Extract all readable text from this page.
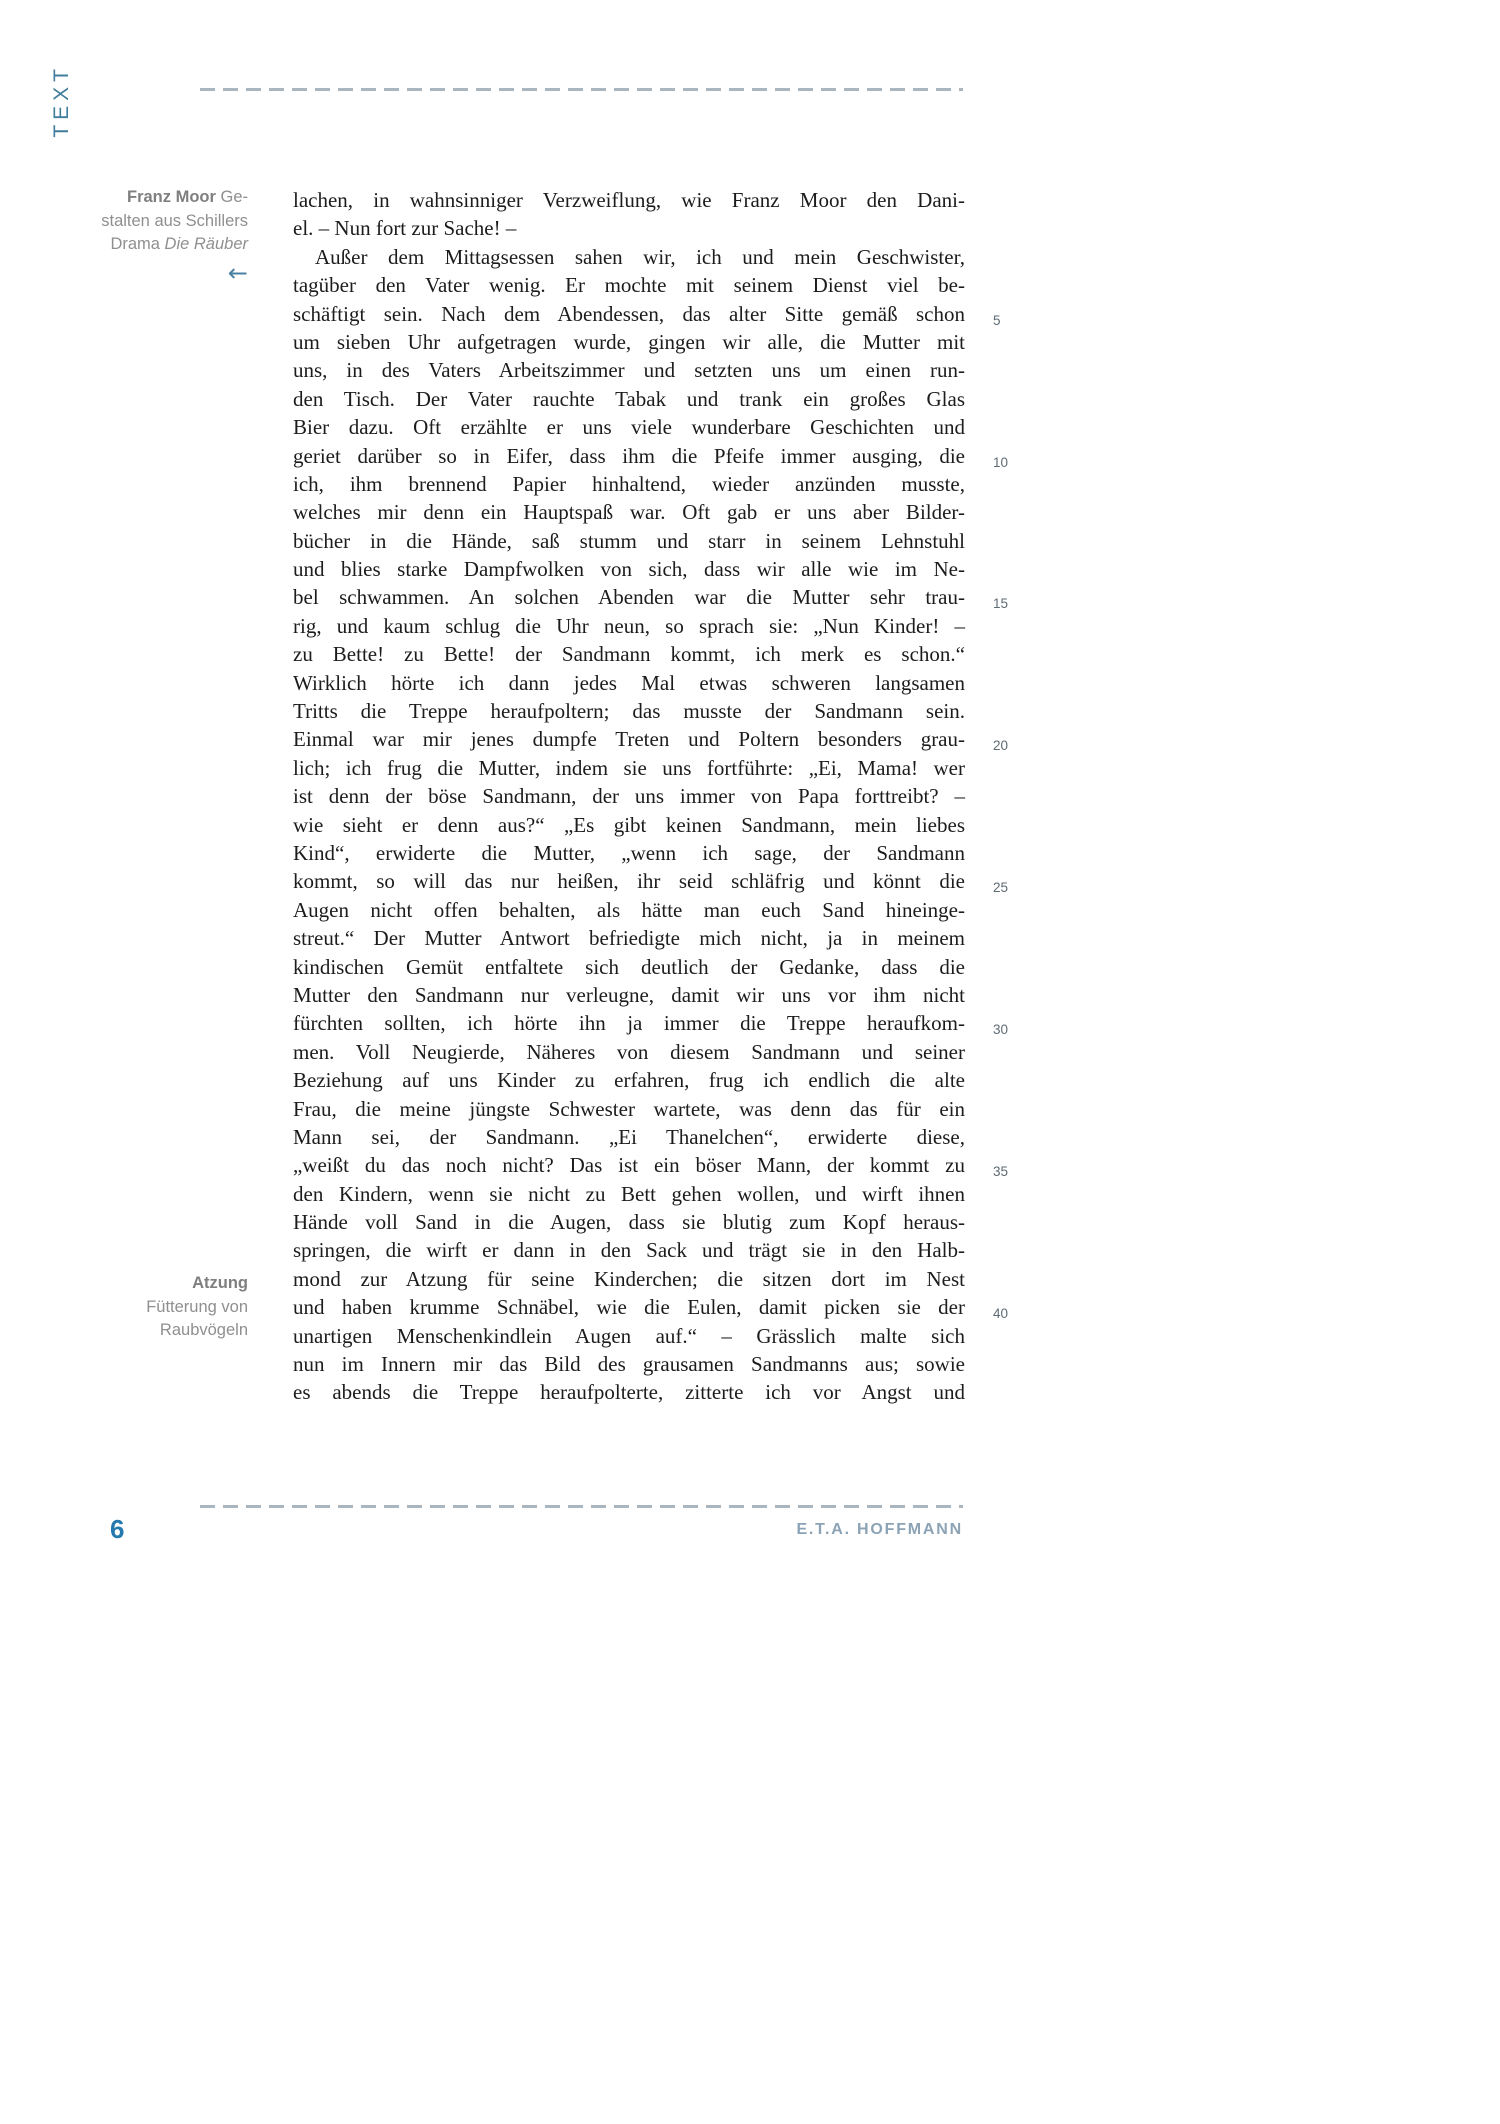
TEXT
Franz Moor Ge-
stalten aus Schillers
Drama Die Räuber
←
Atzung
Fütterung von
Raubvögeln
lachen, in wahnsinniger Verzweiflung, wie Franz Moor den Dani-
el. – Nun fort zur Sache! –
Außer dem Mittagsessen sahen wir, ich und mein Geschwister,
tagüber den Vater wenig. Er mochte mit seinem Dienst viel be-
schäftigt sein. Nach dem Abendessen, das alter Sitte gemäß schon 5
um sieben Uhr aufgetragen wurde, gingen wir alle, die Mutter mit
uns, in des Vaters Arbeitszimmer und setzten uns um einen run-
den Tisch. Der Vater rauchte Tabak und trank ein großes Glas
Bier dazu. Oft erzählte er uns viele wunderbare Geschichten und
geriet darüber so in Eifer, dass ihm die Pfeife immer ausging, die 10
ich, ihm brennend Papier hinhaltend, wieder anzünden musste,
welches mir denn ein Hauptspaß war. Oft gab er uns aber Bilder-
bücher in die Hände, saß stumm und starr in seinem Lehnstuhl
und blies starke Dampfwolken von sich, dass wir alle wie im Ne-
bel schwammen. An solchen Abenden war die Mutter sehr trau- 15
rig, und kaum schlug die Uhr neun, so sprach sie: „Nun Kinder! –
zu Bette! zu Bette! der Sandmann kommt, ich merk es schon.“
Wirklich hörte ich dann jedes Mal etwas schweren langsamen
Tritts die Treppe heraufpoltern; das musste der Sandmann sein.
Einmal war mir jenes dumpfe Treten und Poltern besonders grau- 20
lich; ich frug die Mutter, indem sie uns fortführte: „Ei, Mama! wer
ist denn der böse Sandmann, der uns immer von Papa forttreibt? –
wie sieht er denn aus?“ „Es gibt keinen Sandmann, mein liebes
Kind“, erwiderte die Mutter, „wenn ich sage, der Sandmann
kommt, so will das nur heißen, ihr seid schläfrig und könnt die 25
Augen nicht offen behalten, als hätte man euch Sand hineinge-
streut.“ Der Mutter Antwort befriedigte mich nicht, ja in meinem
kindischen Gemüt entfaltete sich deutlich der Gedanke, dass die
Mutter den Sandmann nur verleugne, damit wir uns vor ihm nicht
fürchten sollten, ich hörte ihn ja immer die Treppe heraufkom- 30
men. Voll Neugierde, Näheres von diesem Sandmann und seiner
Beziehung auf uns Kinder zu erfahren, frug ich endlich die alte
Frau, die meine jüngste Schwester wartete, was denn das für ein
Mann sei, der Sandmann. „Ei Thanelchen“, erwiderte diese,
„weißt du das noch nicht? Das ist ein böser Mann, der kommt zu 35
den Kindern, wenn sie nicht zu Bett gehen wollen, und wirft ihnen
Hände voll Sand in die Augen, dass sie blutig zum Kopf heraus-
springen, die wirft er dann in den Sack und trägt sie in den Halb-
mond zur Atzung für seine Kinderchen; die sitzen dort im Nest
und haben krumme Schnäbel, wie die Eulen, damit picken sie der 40
unartigen Menschenkindlein Augen auf.“ – Grässlich malte sich
nun im Innern mir das Bild des grausamen Sandmanns aus; sowie
es abends die Treppe heraufpolterte, zitterte ich vor Angst und
6	E.T.A. HOFFMANN
